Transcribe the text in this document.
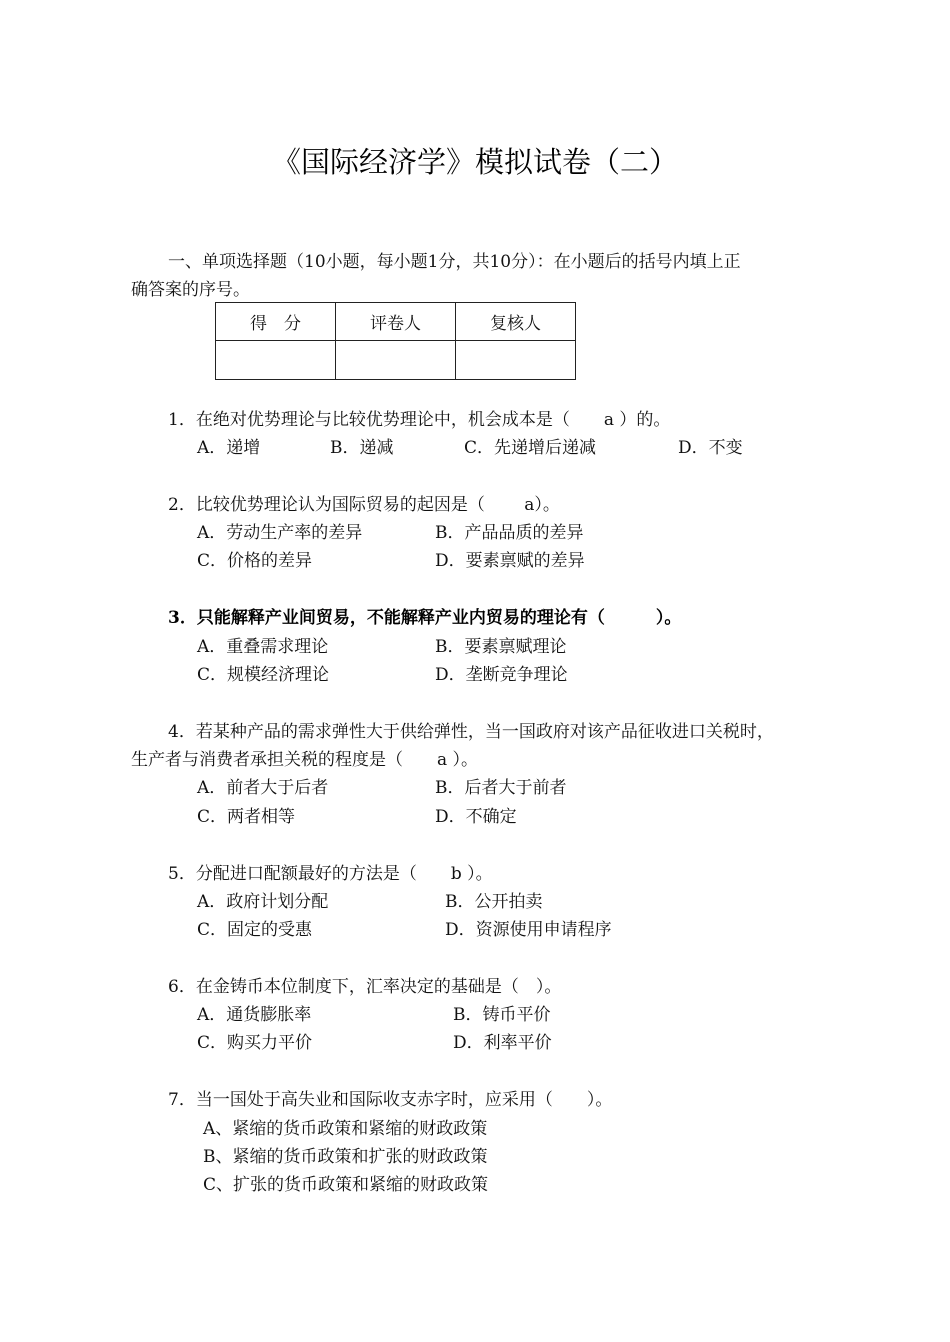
《国际经济学》模拟试卷（二）
一、单项选择题（10小题，每小题1分，共10分）：在小题后的括号内填上正
确答案的序号。
得　分	评卷人	复核人

1．在绝对优势理论与比较优势理论中，机会成本是（　　a ）的。
A．递增	B．递减	C．先递增后递减	D．不变
2．比较优势理论认为国际贸易的起因是（　　 a）。
A．劳动生产率的差异	B．产品品质的差异
C．价格的差异	D．要素禀赋的差异
3．只能解释产业间贸易，不能解释产业内贸易的理论有（　　　）。
A．重叠需求理论	B．要素禀赋理论
C．规模经济理论	D．垄断竞争理论
4．若某种产品的需求弹性大于供给弹性，当一国政府对该产品征收进口关税时，
生产者与消费者承担关税的程度是（　　a ）。
A．前者大于后者	B．后者大于前者
C．两者相等	D．不确定
5．分配进口配额最好的方法是（　　b ）。
A．政府计划分配	B．公开拍卖
C．固定的受惠	D．资源使用申请程序
6．在金铸币本位制度下，汇率决定的基础是（　）。
A．通货膨胀率	B．铸币平价
C．购买力平价	D．利率平价
7．当一国处于高失业和国际收支赤字时，应采用（　　）。
A、紧缩的货币政策和紧缩的财政政策
B、紧缩的货币政策和扩张的财政政策
C、扩张的货币政策和紧缩的财政政策
